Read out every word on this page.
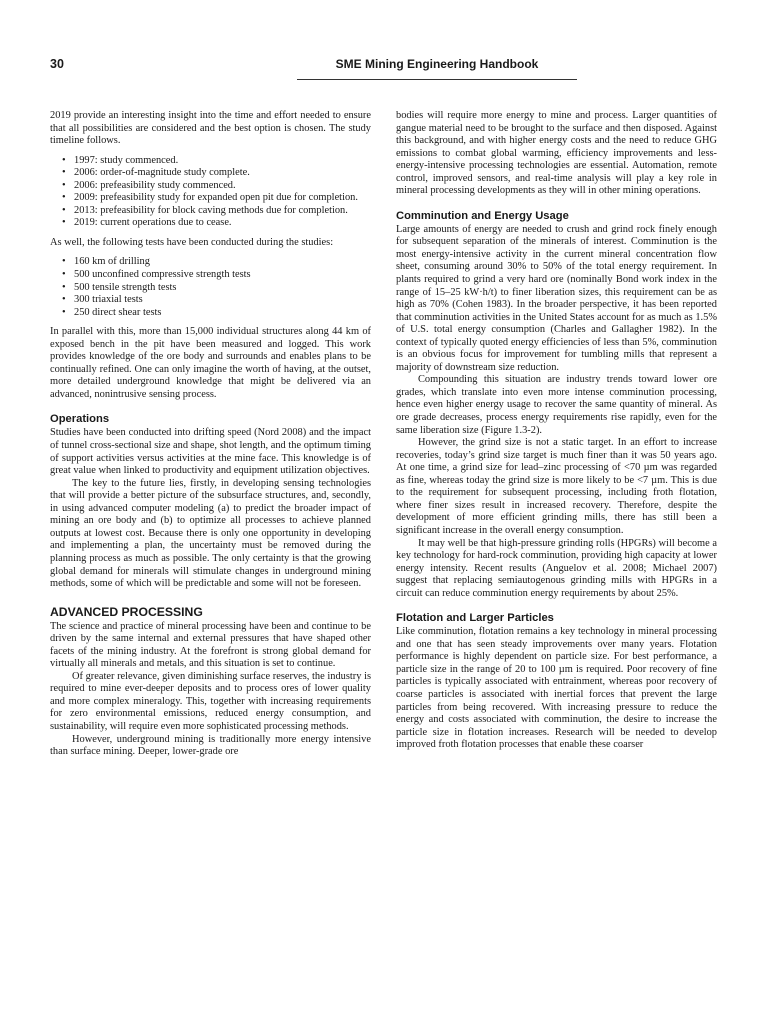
30	SME Mining Engineering Handbook

2019 provide an interesting insight into the time and effort needed to ensure that all possibilities are considered and the best option is chosen. The study timeline follows.

• 1997: study commenced.
• 2006: order-of-magnitude study complete.
• 2006: prefeasibility study commenced.
• 2009: prefeasibility study for expanded open pit due for completion.
• 2013: prefeasibility for block caving methods due for completion.
• 2019: current operations due to cease.

As well, the following tests have been conducted during the studies:

• 160 km of drilling
• 500 unconfined compressive strength tests
• 500 tensile strength tests
• 300 triaxial tests
• 250 direct shear tests

In parallel with this, more than 15,000 individual structures along 44 km of exposed bench in the pit have been measured and logged. This work provides knowledge of the ore body and surrounds and enables plans to be continually refined. One can only imagine the worth of having, at the outset, more detailed underground knowledge that might be delivered via an advanced, nonintrusive sensing process.

Operations

Studies have been conducted into drifting speed (Nord 2008) and the impact of tunnel cross-sectional size and shape, shot length, and the optimum timing of support activities versus activities at the mine face. This knowledge is of great value when linked to productivity and equipment utilization objectives.

The key to the future lies, firstly, in developing sensing technologies that will provide a better picture of the subsurface structures, and, secondly, in using advanced computer modeling (a) to predict the broader impact of mining an ore body and (b) to optimize all processes to achieve planned outputs at lowest cost. Because there is only one opportunity in developing and implementing a plan, the uncertainty must be removed during the planning process as much as possible. The only certainty is that the growing global demand for minerals will stimulate changes in underground mining methods, some of which will be predictable and some will not be foreseen.

ADVANCED PROCESSING

The science and practice of mineral processing have been and continue to be driven by the same internal and external pressures that have shaped other facets of the mining industry. At the forefront is strong global demand for virtually all minerals and metals, and this situation is set to continue.

Of greater relevance, given diminishing surface reserves, the industry is required to mine ever-deeper deposits and to process ores of lower quality and more complex mineralogy. This, together with increasing requirements for zero environmental emissions, reduced energy consumption, and sustainability, will require even more sophisticated processing methods.

However, underground mining is traditionally more energy intensive than surface mining. Deeper, lower-grade ore

bodies will require more energy to mine and process. Larger quantities of gangue material need to be brought to the surface and then disposed. Against this background, and with higher energy costs and the need to reduce GHG emissions to combat global warming, efficiency improvements and less-energy-intensive processing technologies are essential. Automation, remote control, improved sensors, and real-time analysis will play a key role in mineral processing developments as they will in other mining operations.

Comminution and Energy Usage

Large amounts of energy are needed to crush and grind rock finely enough for subsequent separation of the minerals of interest. Comminution is the most energy-intensive activity in the current mineral concentration flow sheet, consuming around 30% to 50% of the total energy requirement. In plants required to grind a very hard ore (nominally Bond work index in the range of 15–25 kW·h/t) to finer liberation sizes, this requirement can be as high as 70% (Cohen 1983). In the broader perspective, it has been reported that comminution activities in the United States account for as much as 1.5% of U.S. total energy consumption (Charles and Gallagher 1982). In the context of typically quoted energy efficiencies of less than 5%, comminution is an obvious focus for improvement for tumbling mills that represent a majority of downstream size reduction.

Compounding this situation are industry trends toward lower ore grades, which translate into even more intense comminution processing, hence even higher energy usage to recover the same quantity of mineral. As ore grade decreases, process energy requirements rise rapidly, even for the same liberation size (Figure 1.3-2).

However, the grind size is not a static target. In an effort to increase recoveries, today’s grind size target is much finer than it was 50 years ago. At one time, a grind size for lead–zinc processing of <70 µm was regarded as fine, whereas today the grind size is more likely to be <7 µm. This is due to the requirement for subsequent processing, including froth flotation, where finer sizes result in increased recovery. Therefore, despite the development of more efficient grinding mills, there has still been a significant increase in the overall energy consumption.

It may well be that high-pressure grinding rolls (HPGRs) will become a key technology for hard-rock comminution, providing high capacity at lower energy intensity. Recent results (Anguelov et al. 2008; Michael 2007) suggest that replacing semiautogenous grinding mills with HPGRs in a circuit can reduce comminution energy requirements by about 25%.

Flotation and Larger Particles

Like comminution, flotation remains a key technology in mineral processing and one that has seen steady improvements over many years. Flotation performance is highly dependent on particle size. For best performance, a particle size in the range of 20 to 100 µm is required. Poor recovery of fine particles is typically associated with entrainment, whereas poor recovery of coarse particles is associated with inertial forces that prevent the large particles from being recovered. With increasing pressure to reduce the energy and costs associated with comminution, the desire to increase the particle size in flotation increases. Research will be needed to develop improved froth flotation processes that enable these coarser
